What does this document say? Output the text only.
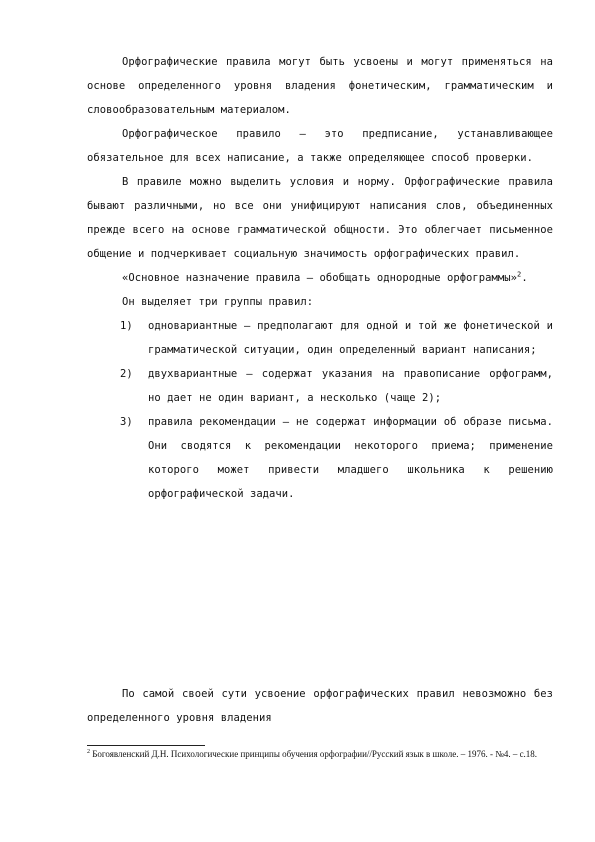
Орфографические правила могут быть усвоены и могут применяться на основе определенного уровня владения фонетическим, грамматическим и словообразовательным материалом.

Орфографическое правило – это предписание, устанавливающее обязательное для всех написание, а также определяющее способ проверки.

В правиле можно выделить условия и норму. Орфографические правила бывают различными, но все они унифицируют написания слов, объединенных прежде всего на основе грамматической общности. Это облегчает письменное общение и подчеркивает социальную значимость орфографических правил.

«Основное назначение правила – обобщать однородные орфограммы»$^2$.

Он выделяет три группы правил:

1)	одновариантные – предполагают для одной и той же фонетической и грамматической ситуации, один определенный вариант написания;
2)	двухвариантные – содержат указания на правописание орфограмм, но дает не один вариант, а несколько (чаще 2);
3)	правила рекомендации – не содержат информации об образе письма. Они сводятся к рекомендации некоторого приема; применение которого может привести младшего школьника к решению орфографической задачи.

По самой своей сути усвоение орфографических правил невозможно без определенного уровня владения

$^2$ Богоявленский Д.Н. Психологические принципы обучения орфографии//Русский язык в школе. – 1976. - №4. – с.18.
